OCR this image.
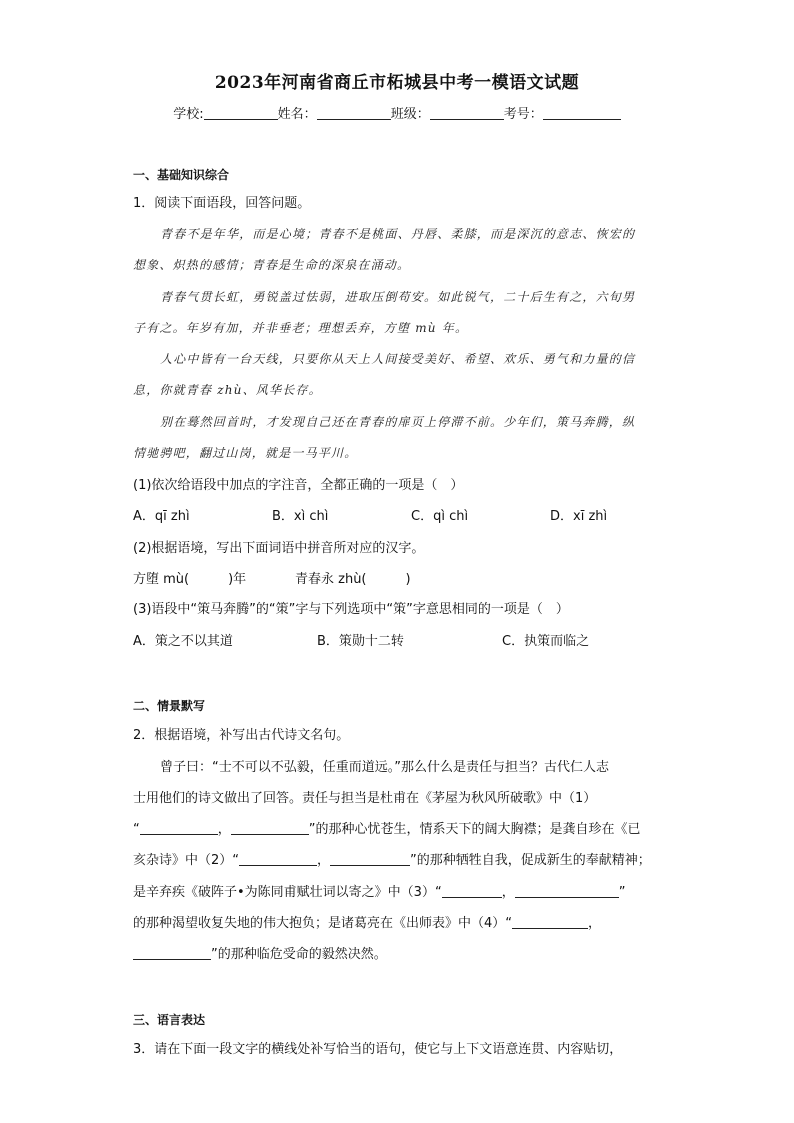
2023年河南省商丘市柘城县中考一模语文试题
学校:	姓名：	班级：	考号：
一、基础知识综合
1．阅读下面语段，回答问题。
青春不是年华，而是心境；青春不是桃面、丹唇、柔膝，而是深沉的意志、恢宏的
想象、炽热的感情；青春是生命的深泉在涌动。
青春气贯长虹，勇锐盖过怯弱，进取压倒苟安。如此锐气，二十后生有之，六旬男
子有之。年岁有加，并非垂老；理想丢弃，方堕 mù 年。
人心中皆有一台天线，只要你从天上人间接受美好、希望、欢乐、勇气和力量的信
息，你就青春 zhù、风华长存。
别在蓦然回首时，才发现自己还在青春的扉页上停滞不前。少年们，策马奔腾，纵
情驰骋吧，翻过山岗，就是一马平川。
(1)依次给语段中加点的字注音，全都正确的一项是（　）
A．qī zhì	B．xì chì	C．qì chì	D．xī zhì
(2)根据语境，写出下面词语中拼音所对应的汉字。
方堕 mù(　　　)年	青春永 zhù(　　　)
(3)语段中“策马奔腾”的“策”字与下列选项中“策”字意思相同的一项是（　）
A．策之不以其道	B．策勋十二转	C．执策而临之
二、情景默写
2．根据语境，补写出古代诗文名句。
曾子曰：“士不可以不弘毅，任重而道远。”那么什么是责任与担当？古代仁人志
士用他们的诗文做出了回答。责任与担当是杜甫在《茅屋为秋风所破歌》中（1）
“	，	”的那种心忧苍生，情系天下的阔大胸襟；是龚自珍在《已
亥杂诗》中（2）“	，	”的那种牺牲自我，促成新生的奉献精神；
是辛弃疾《破阵子•为陈同甫赋壮词以寄之》中（3）“	，	”
的那种渴望收复失地的伟大抱负；是诸葛亮在《出师表》中（4）“	，
”的那种临危受命的毅然决然。
三、语言表达
3．请在下面一段文字的横线处补写恰当的语句，使它与上下文语意连贯、内容贴切，
